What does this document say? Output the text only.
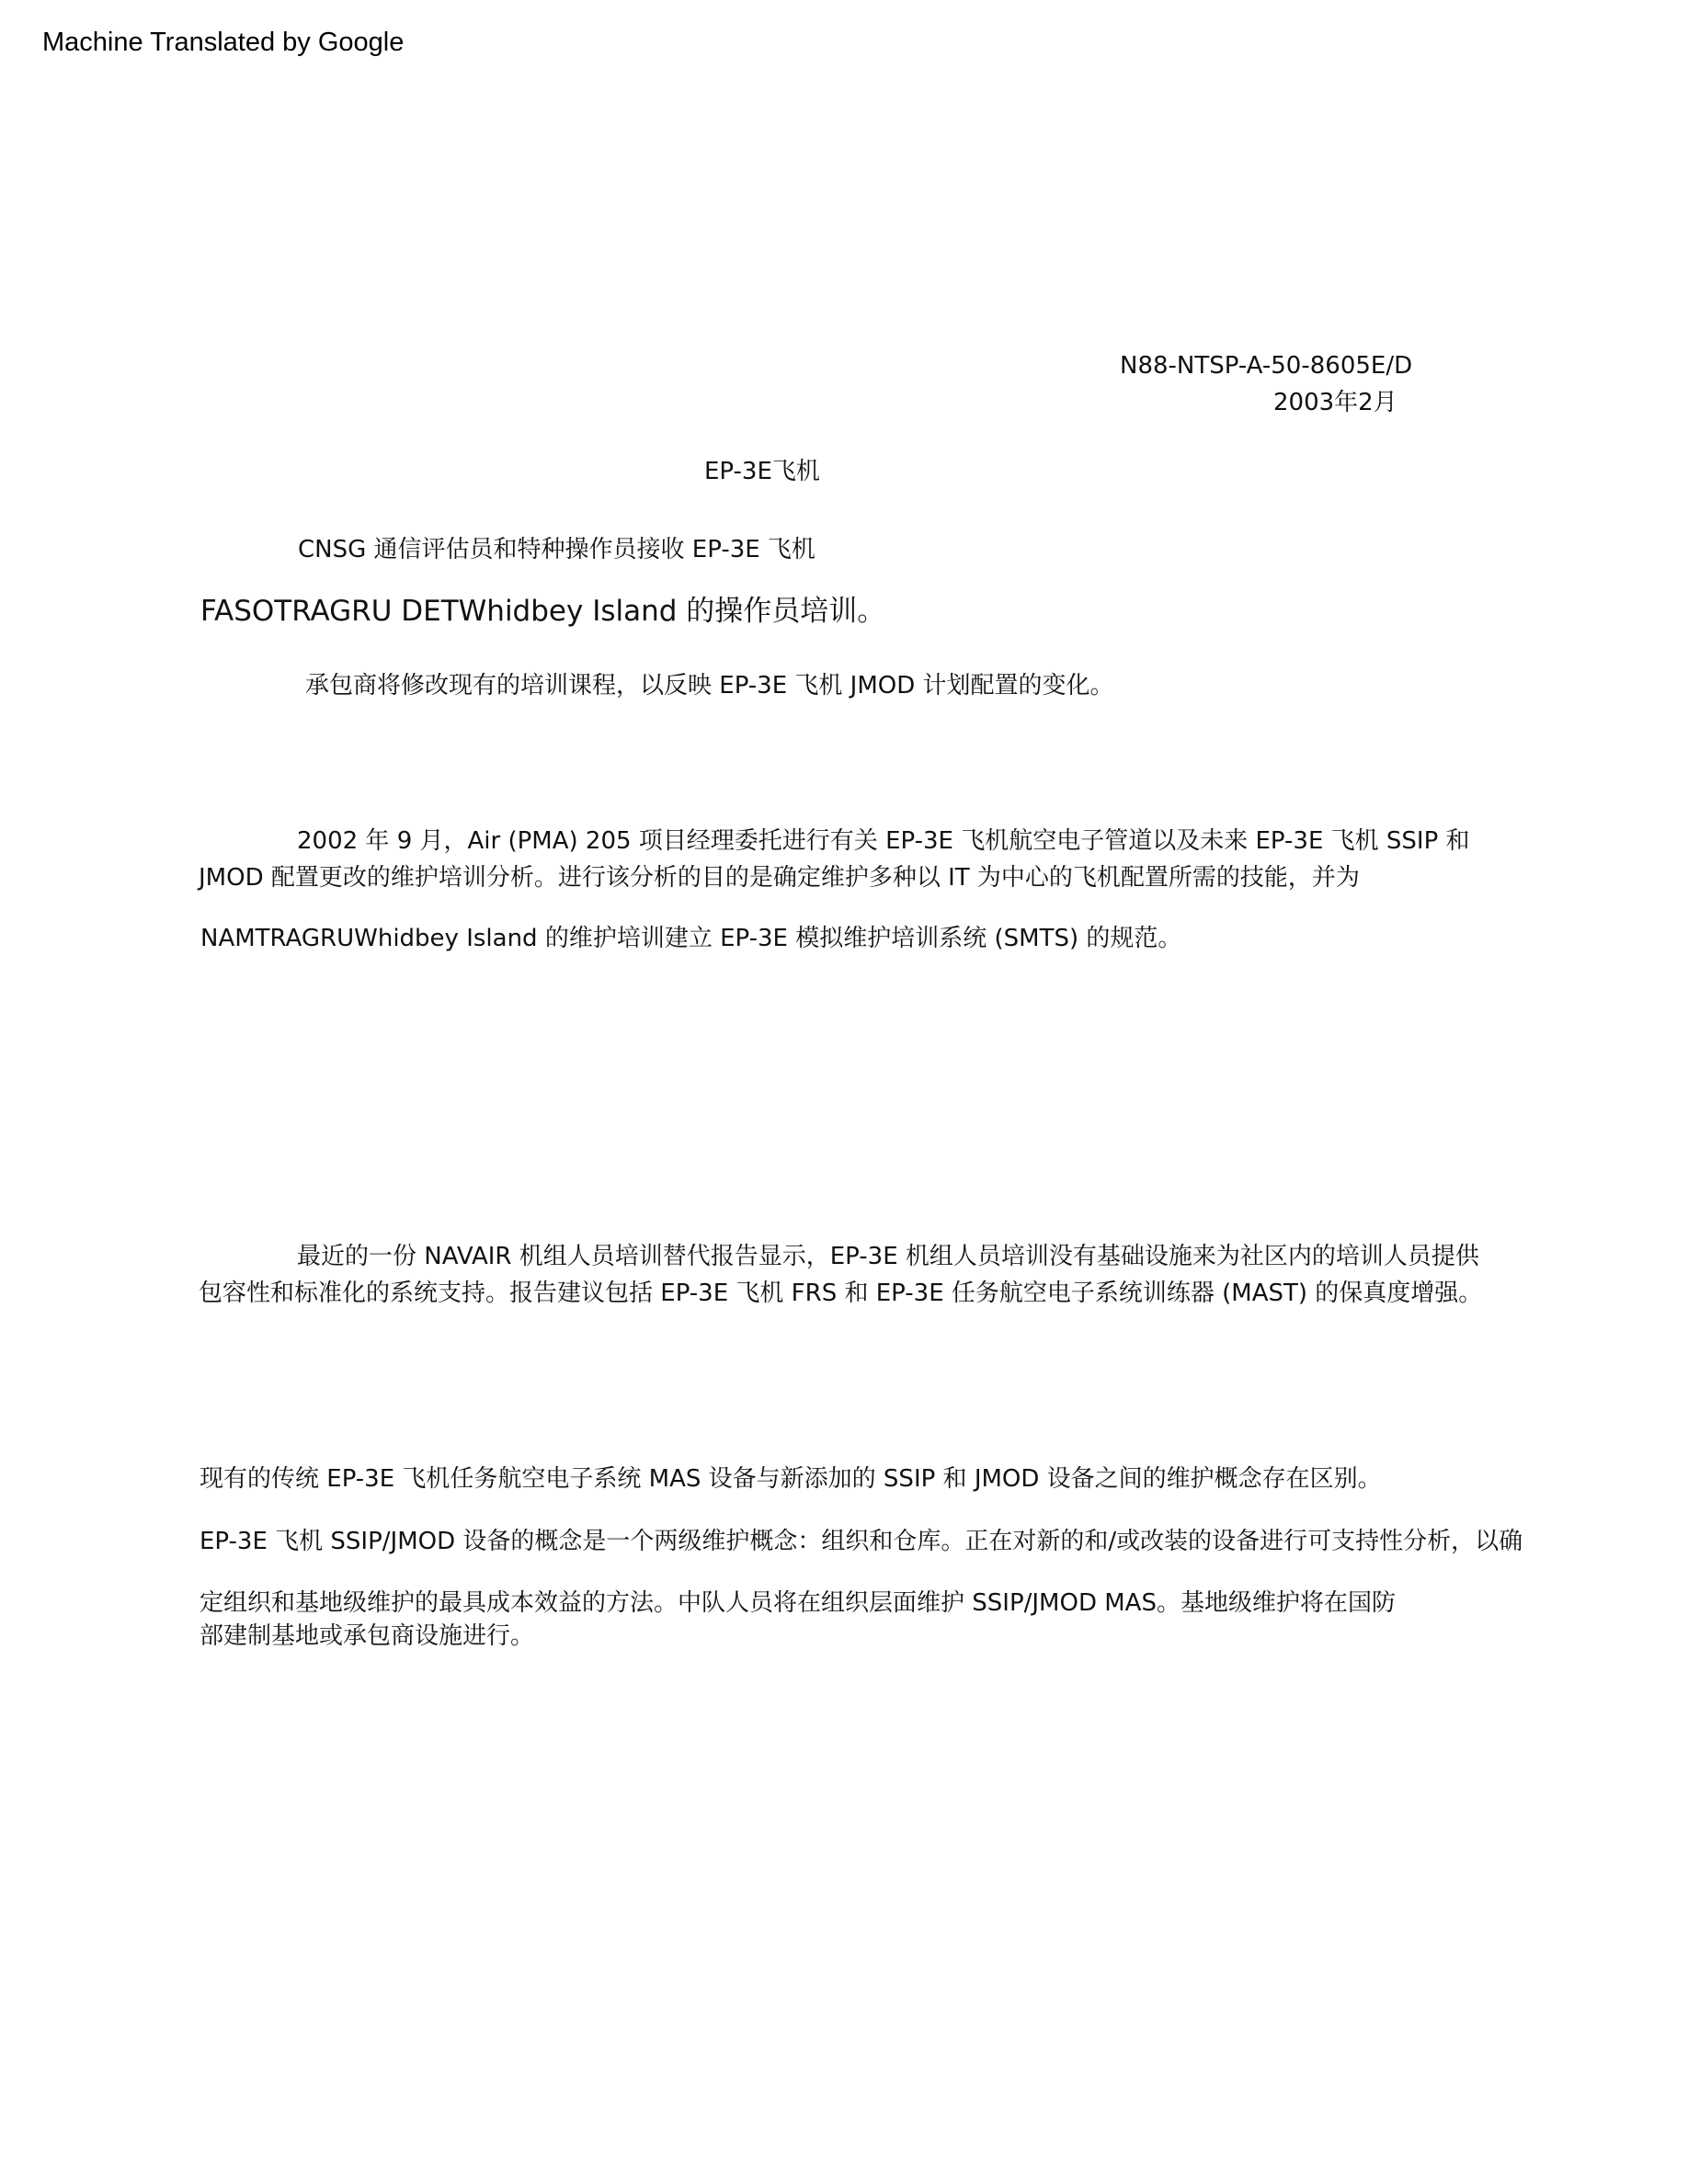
Machine Translated by Google
N88-NTSP-A-50-8605E/D
2003年2月
EP-3E飞机
CNSG 通信评估员和特种操作员接收 EP-3E 飞机
FASOTRAGRU DETWhidbey Island 的操作员培训。
承包商将修改现有的培训课程，以反映 EP-3E 飞机 JMOD 计划配置的变化。
2002 年 9 月，Air (PMA) 205 项目经理委托进行有关 EP-3E 飞机航空电子管道以及未来 EP-3E 飞机 SSIP 和
JMOD 配置更改的维护培训分析。进行该分析的目的是确定维护多种以 IT 为中心的飞机配置所需的技能，并为
NAMTRAGRUWhidbey Island 的维护培训建立 EP-3E 模拟维护培训系统 (SMTS) 的规范。
最近的一份 NAVAIR 机组人员培训替代报告显示，EP-3E 机组人员培训没有基础设施来为社区内的培训人员提供
包容性和标准化的系统支持。报告建议包括 EP-3E 飞机 FRS 和 EP-3E 任务航空电子系统训练器 (MAST) 的保真度增强。
现有的传统 EP-3E 飞机任务航空电子系统 MAS 设备与新添加的 SSIP 和 JMOD 设备之间的维护概念存在区别。
EP-3E 飞机 SSIP/JMOD 设备的概念是一个两级维护概念：组织和仓库。正在对新的和/或改装的设备进行可支持性分析，以确
定组织和基地级维护的最具成本效益的方法。中队人员将在组织层面维护 SSIP/JMOD MAS。基地级维护将在国防
部建制基地或承包商设施进行。
